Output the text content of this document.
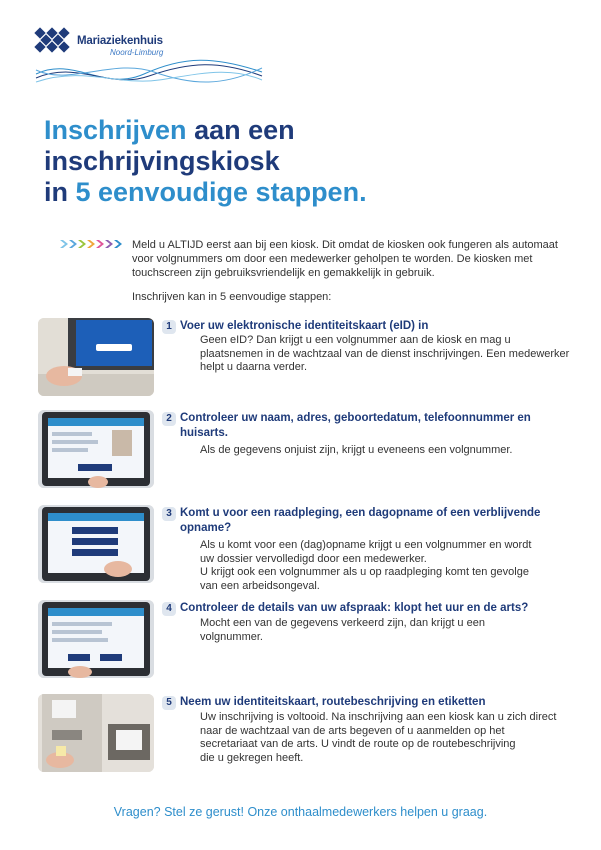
Mariaziekenhuis
Noord-Limburg
Inschrijven aan een
inschrijvingskiosk
in 5 eenvoudige stappen.

Meld u ALTIJD eerst aan bij een kiosk. Dit omdat de kiosken ook fungeren als automaat voor volgnummers om door een medewerker geholpen te worden. De kiosken met touchscreen zijn gebruiksvriendelijk en gemakkelijk in gebruik.

Inschrijven kan in 5 eenvoudige stappen:

1 Voer uw elektronische identiteitskaart (eID) in
Geen eID? Dan krijgt u een volgnummer aan de kiosk en mag u
plaatsnemen in de wachtzaal van de dienst inschrijvingen. Een medewerker
helpt u daarna verder.
2 Controleer uw naam, adres, geboortedatum, telefoonnummer en huisarts.
Als de gegevens onjuist zijn, krijgt u eveneens een volgnummer.
3 Komt u voor een raadpleging, een dagopname of een verblijvende opname?
Als u komt voor een (dag)opname krijgt u een volgnummer en wordt
uw dossier vervolledigd door een medewerker.
U krijgt ook een volgnummer als u op raadpleging komt ten gevolge
van een arbeidsongeval.
4 Controleer de details van uw afspraak: klopt het uur en de arts?
Mocht een van de gegevens verkeerd zijn, dan krijgt u een
volgnummer.
5 Neem uw identiteitskaart, routebeschrijving en etiketten
Uw inschrijving is voltooid. Na inschrijving aan een kiosk kan u zich direct
naar de wachtzaal van de arts begeven of u aanmelden op het
secretariaat van de arts. U vindt de route op de routebeschrijving
die u gekregen heeft.
Vragen? Stel ze gerust! Onze onthaalmedewerkers helpen u graag.
